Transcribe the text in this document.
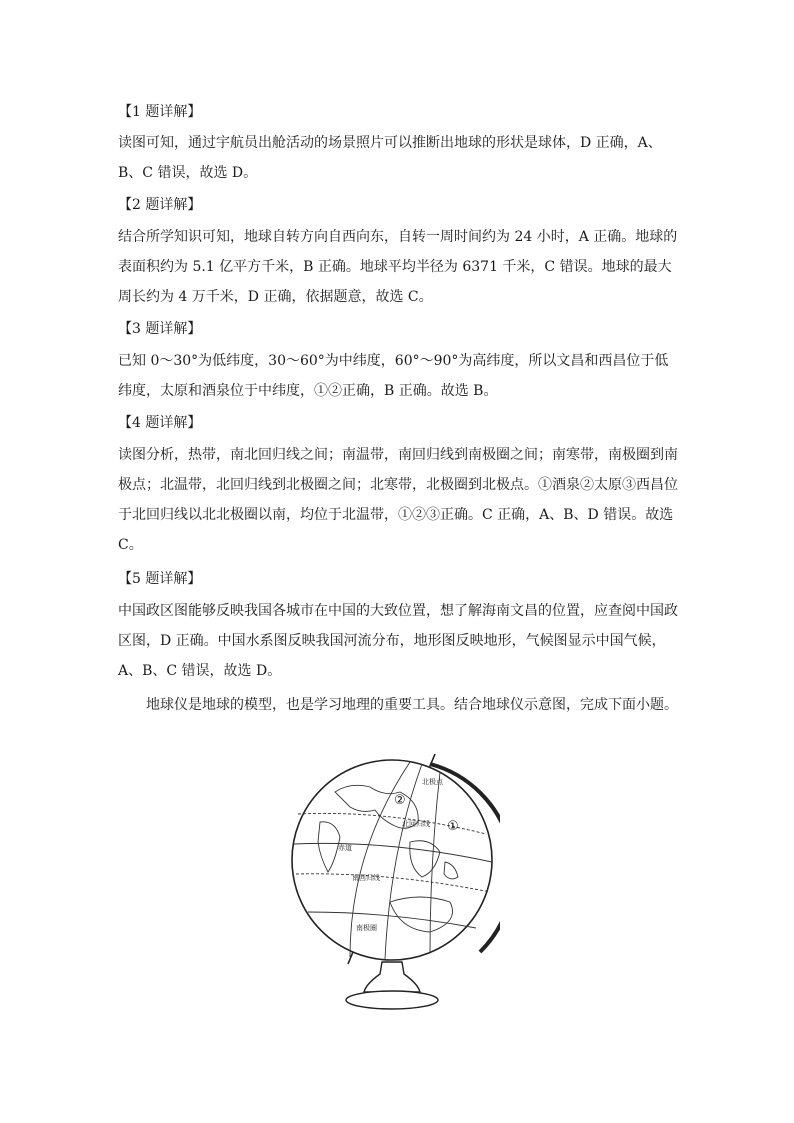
【1 题详解】

读图可知，通过宇航员出舱活动的场景照片可以推断出地球的形状是球体，D 正确，A、B、C 错误，故选 D。

【2 题详解】

结合所学知识可知，地球自转方向自西向东，自转一周时间约为 24 小时，A 正确。地球的表面积约为 5.1 亿平方千米，B 正确。地球平均半径为 6371 千米，C 错误。地球的最大周长约为 4 万千米，D 正确，依据题意，故选 C。

【3 题详解】

已知 0～30°为低纬度，30～60°为中纬度，60°～90°为高纬度，所以文昌和西昌位于低纬度，太原和酒泉位于中纬度，①②正确，B 正确。故选 B。

【4 题详解】

读图分析，热带，南北回归线之间；南温带，南回归线到南极圈之间；南寒带，南极圈到南极点；北温带，北回归线到北极圈之间；北寒带，北极圈到北极点。①酒泉②太原③西昌位于北回归线以北北极圈以南，均位于北温带，①②③正确。C 正确，A、B、D 错误。故选 C。

【5 题详解】

中国政区图能够反映我国各城市在中国的大致位置，想了解海南文昌的位置，应查阅中国政区图，D 正确。中国水系图反映我国河流分布，地形图反映地形，气候图显示中国气候，A、B、C 错误，故选 D。

地球仪是地球的模型，也是学习地理的重要工具。结合地球仪示意图，完成下面小题。

北极点
北回归线
赤道
南回归线
南极圈
②
①
